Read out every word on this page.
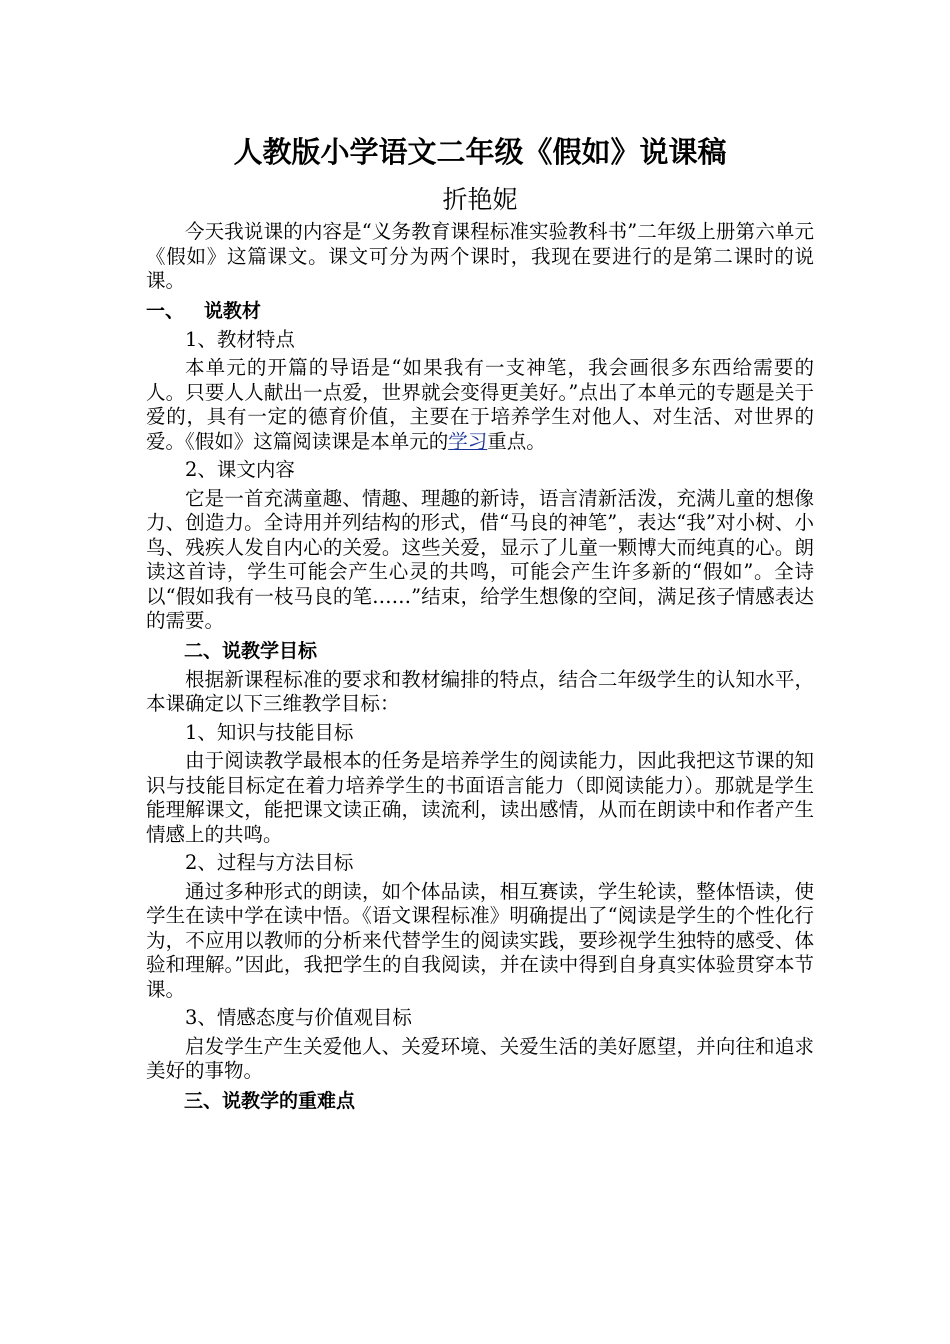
人教版小学语文二年级《假如》说课稿
折艳妮

今天我说课的内容是“义务教育课程标准实验教科书”二年级上册第六单元《假如》这篇课文。课文可分为两个课时，我现在要进行的是第二课时的说课。

一、   说教材
1、教材特点

本单元的开篇的导语是“如果我有一支神笔，我会画很多东西给需要的人。只要人人献出一点爱，世界就会变得更美好。”点出了本单元的专题是关于爱的，具有一定的德育价值，主要在于培养学生对他人、对生活、对世界的爱。《假如》这篇阅读课是本单元的学习重点。

2、课文内容

它是一首充满童趣、情趣、理趣的新诗，语言清新活泼，充满儿童的想像力、创造力。全诗用并列结构的形式，借“马良的神笔”，表达“我”对小树、小鸟、残疾人发自内心的关爱。这些关爱，显示了儿童一颗博大而纯真的心。朗读这首诗，学生可能会产生心灵的共鸣，可能会产生许多新的“假如”。全诗以“假如我有一枝马良的笔……”结束，给学生想像的空间，满足孩子情感表达的需要。

二、说教学目标

根据新课程标准的要求和教材编排的特点，结合二年级学生的认知水平，本课确定以下三维教学目标：

1、知识与技能目标

由于阅读教学最根本的任务是培养学生的阅读能力，因此我把这节课的知识与技能目标定在着力培养学生的书面语言能力（即阅读能力）。那就是学生能理解课文，能把课文读正确，读流利，读出感情，从而在朗读中和作者产生情感上的共鸣。

2、过程与方法目标

通过多种形式的朗读，如个体品读，相互赛读，学生轮读，整体悟读，使学生在读中学在读中悟。《语文课程标准》明确提出了“阅读是学生的个性化行为，不应用以教师的分析来代替学生的阅读实践，要珍视学生独特的感受、体验和理解。”因此，我把学生的自我阅读，并在读中得到自身真实体验贯穿本节课。

3、情感态度与价值观目标

启发学生产生关爱他人、关爱环境、关爱生活的美好愿望，并向往和追求美好的事物。

三、说教学的重难点
